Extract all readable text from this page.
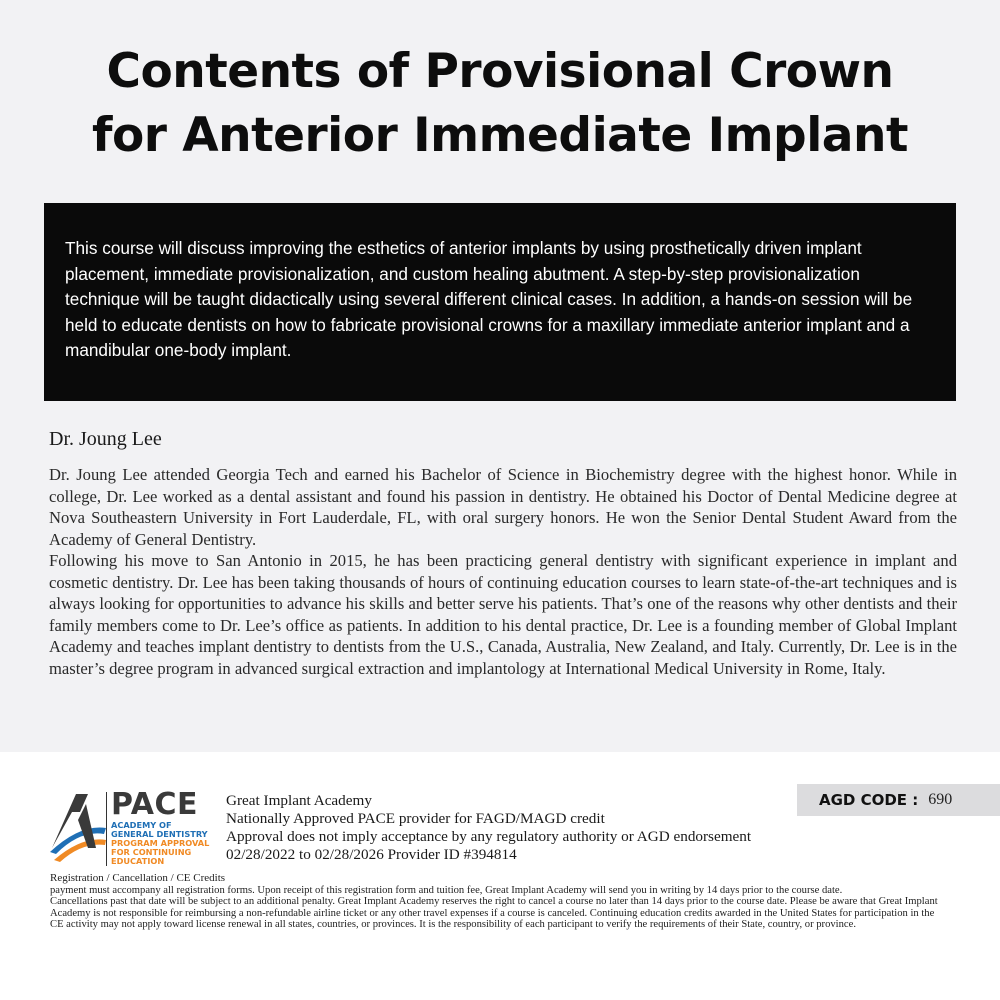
Contents of Provisional Crown
for Anterior Immediate Implant
This course will discuss improving the esthetics of anterior implants by using prosthetically driven implant placement, immediate provisionalization, and custom healing abutment. A step-by-step provisionalization technique will be taught didactically using several different clinical cases. In addition, a hands-on session will be held to educate dentists on how to fabricate provisional crowns for a maxillary immediate anterior implant and a mandibular one-body implant.
Dr. Joung Lee

Dr. Joung Lee attended Georgia Tech and earned his Bachelor of Science in Biochemistry degree with the highest honor. While in college, Dr. Lee worked as a dental assistant and found his passion in dentistry. He obtained his Doctor of Dental Medicine degree at Nova Southeastern University in Fort Lauderdale, FL, with oral surgery honors. He won the Senior Dental Student Award from the Academy of General Dentistry.

Following his move to San Antonio in 2015, he has been practicing general dentistry with significant experience in implant and cosmetic dentistry. Dr. Lee has been taking thousands of hours of continuing education courses to learn state-of-the-art techniques and is always looking for opportunities to advance his skills and better serve his patients. That’s one of the reasons why other dentists and their family members come to Dr. Lee’s office as patients. In addition to his dental practice, Dr. Lee is a founding member of Global Implant Academy and teaches implant dentistry to dentists from the U.S., Canada, Australia, New Zealand, and Italy. Currently, Dr. Lee is in the master’s degree program in advanced surgical extraction and implantology at International Medical University in Rome, Italy.

PACE
ACADEMY OF GENERAL DENTISTRY
PROGRAM APPROVAL FOR CONTINUING EDUCATION
Great Implant Academy
Nationally Approved PACE provider for FAGD/MAGD credit
Approval does not imply acceptance by any regulatory authority or AGD endorsement
02/28/2022 to 02/28/2026 Provider ID #394814
AGD CODE : 690

Registration / Cancellation / CE Credits

payment must accompany all registration forms. Upon receipt of this registration form and tuition fee, Great Implant Academy will send you in writing by 14 days prior to the course date.

Cancellations past that date will be subject to an additional penalty. Great Implant Academy reserves the right to cancel a course no later than 14 days prior to the course date. Please be aware that Great Implant Academy is not responsible for reimbursing a non-refundable airline ticket or any other travel expenses if a course is canceled. Continuing education credits awarded in the United States for participation in the CE activity may not apply toward license renewal in all states, countries, or provinces. It is the responsibility of each participant to verify the requirements of their State, country, or province.
